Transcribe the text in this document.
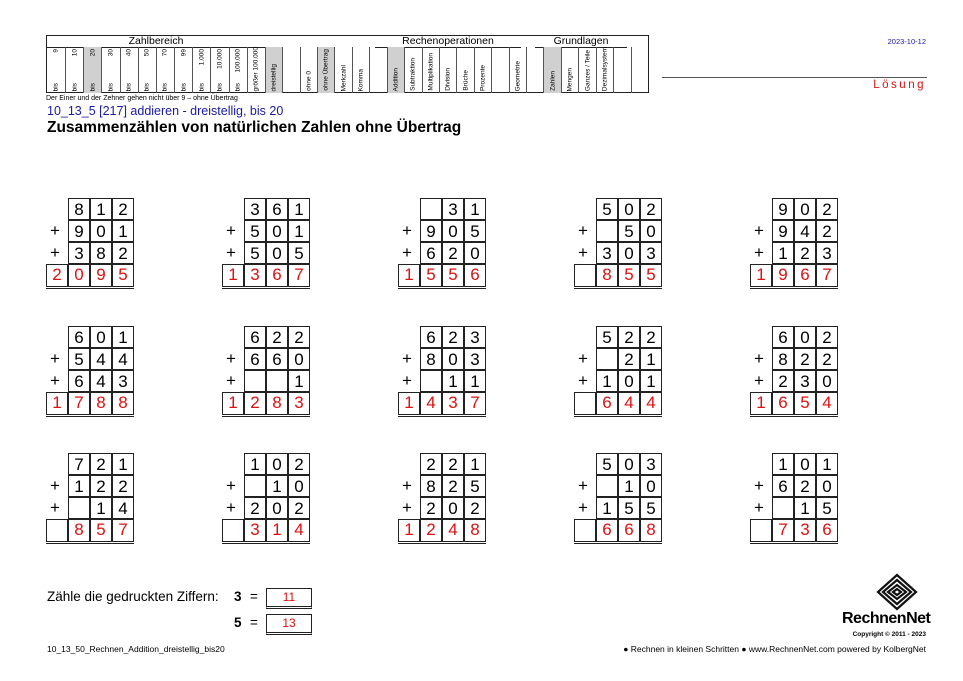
Zahlbereich	Rechenoperationen	Grundlagen
9
bis
10
bis
20
bis
30
bis
40
bis
50
bis
70
bis
99
bis
1.000
bis
10.000
bis
100.000
bis größer 100.000 dreistellig	ohne 0 ohne Übertrag Merkzahl Komma	Addition Subtraktion Multiplikation Division Brüche Prozente	Geometrie	Zahlen Mengen Ganzes / Teile Dezimalsystem
Der Einer und der Zehner gehen nicht über 9 – ohne Übertrag
10_13_5 [217] addieren - dreistellig, bis 20
Zusammenzählen von natürlichen Zahlen ohne Übertrag
2023-10-12
Lösung
8 1 2
+ 9 0 1
+ 3 8 2
2 0 9 5
3 6 1
+ 5 0 1
+ 5 0 5
1 3 6 7
3 1
+ 9 0 5
+ 6 2 0
1 5 5 6
5 0 2
+	5 0
+ 3 0 3
8 5 5
9 0 2
+ 9 4 2
+ 1 2 3
1 9 6 7
6 0 1
+ 5 4 4
+ 6 4 3
1 7 8 8
6 2 2
+ 6 6 0
+	1
1 2 8 3
6 2 3
+ 8 0 3
+	1 1
1 4 3 7
5 2 2
+	2 1
+ 1 0 1
6 4 4
6 0 2
+ 8 2 2
+ 2 3 0
1 6 5 4
7 2 1
+ 1 2 2
+	1 4
8 5 7
1 0 2
+	1 0
+ 2 0 2
3 1 4
2 2 1
+ 8 2 5
+ 2 0 2
1 2 4 8
5 0 3
+	1 0
+ 1 5 5
6 6 8
1 0 1
+ 6 2 0
+	1 5
7 3 6
Zähle die gedruckten Ziffern: 3 =	11
5 =	13	RechnenNet
Copyright © 2011 - 2023
10_13_50_Rechnen_Addition_dreistellig_bis20	● Rechnen in kleinen Schritten ● www.RechnenNet.com powered by KolbergNet
